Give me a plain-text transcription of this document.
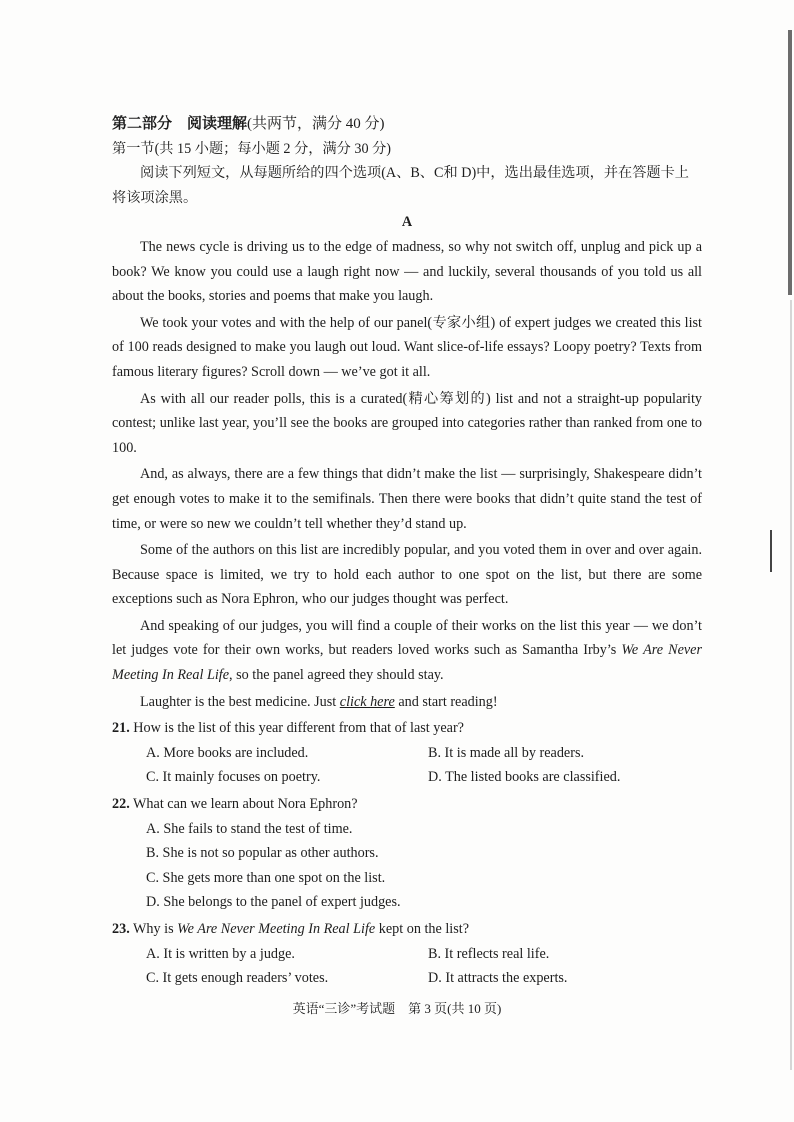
第二部分　阅读理解(共两节，满分 40 分)

第一节(共 15 小题；每小题 2 分，满分 30 分)

阅读下列短文，从每题所给的四个选项(A、B、C和 D)中，选出最佳选项，并在答题卡上将该项涂黑。

A

The news cycle is driving us to the edge of madness, so why not switch off, unplug and pick up a book? We know you could use a laugh right now — and luckily, several thousands of you told us all about the books, stories and poems that make you laugh.

We took your votes and with the help of our panel(专家小组) of expert judges we created this list of 100 reads designed to make you laugh out loud. Want slice-of-life essays? Loopy poetry? Texts from famous literary figures? Scroll down — we’ve got it all.

As with all our reader polls, this is a curated(精心筹划的) list and not a straight-up popularity contest; unlike last year, you’ll see the books are grouped into categories rather than ranked from one to 100.

And, as always, there are a few things that didn’t make the list — surprisingly, Shakespeare didn’t get enough votes to make it to the semifinals. Then there were books that didn’t quite stand the test of time, or were so new we couldn’t tell whether they’d stand up.

Some of the authors on this list are incredibly popular, and you voted them in over and over again. Because space is limited, we try to hold each author to one spot on the list, but there are some exceptions such as Nora Ephron, who our judges thought was perfect.

And speaking of our judges, you will find a couple of their works on the list this year — we don’t let judges vote for their own works, but readers loved works such as Samantha Irby’s We Are Never Meeting In Real Life, so the panel agreed they should stay.

Laughter is the best medicine. Just click here and start reading!

21. How is the list of this year different from that of last year?

A. More books are included.	B. It is made all by readers.

C. It mainly focuses on poetry.	D. The listed books are classified.

22. What can we learn about Nora Ephron?

A. She fails to stand the test of time.

B. She is not so popular as other authors.

C. She gets more than one spot on the list.

D. She belongs to the panel of expert judges.

23. Why is We Are Never Meeting In Real Life kept on the list?

A. It is written by a judge.	B. It reflects real life.

C. It gets enough readers’ votes.	D. It attracts the experts.

英语“三诊”考试题　第 3 页(共 10 页)
